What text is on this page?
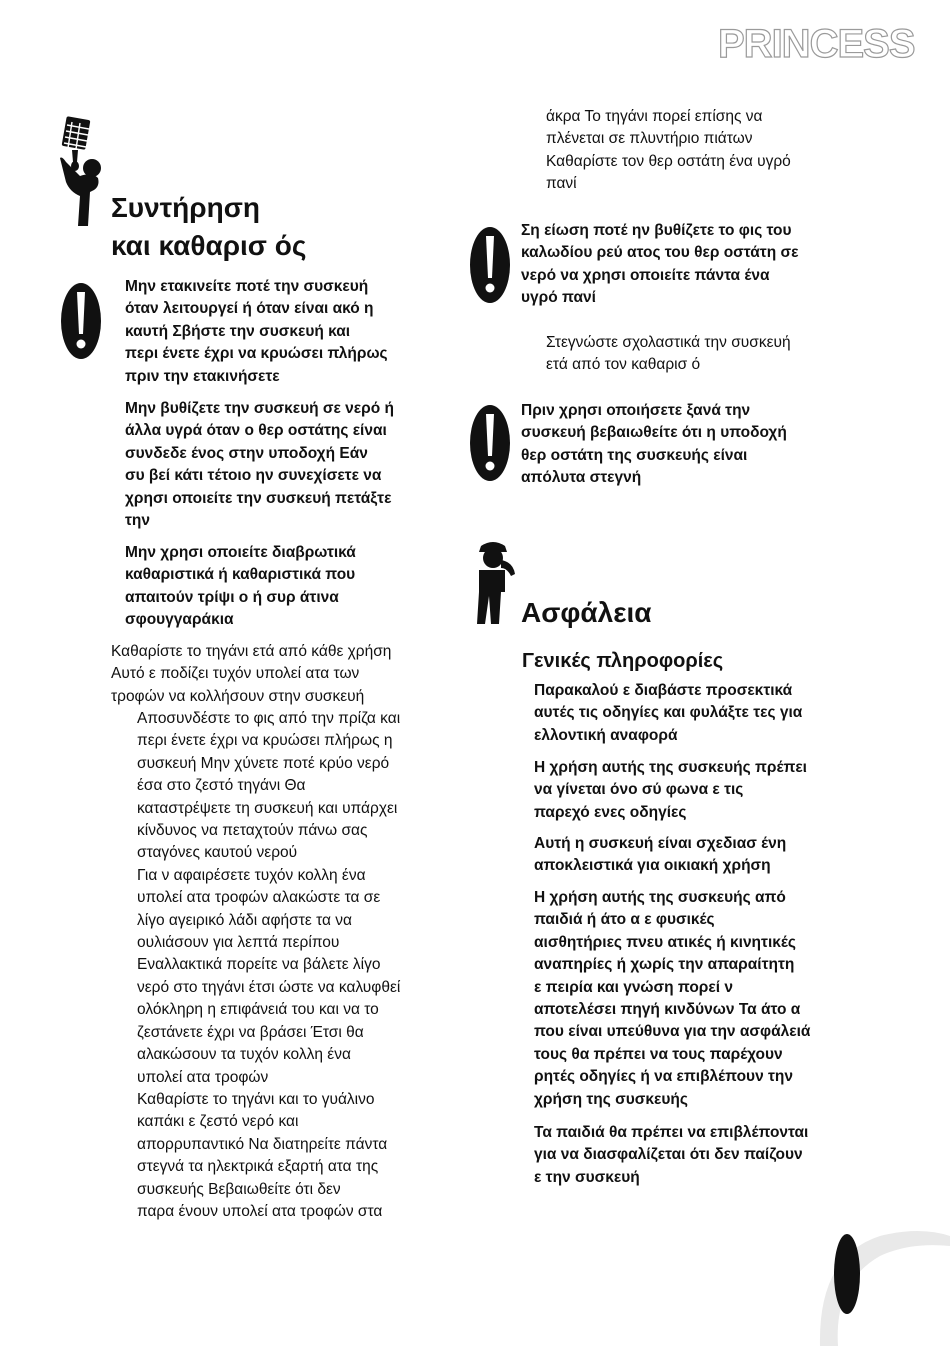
PRINCESS
Συντήρηση
και καθαρισ ός

Μην ετακινείτε ποτέ την συσκευή
όταν λειτουργεί ή όταν είναι ακό η
καυτή Σβήστε την συσκευή και
περι ένετε έχρι να κρυώσει πλήρως
πριν την ετακινήσετε

Μην βυθίζετε την συσκευή σε νερό ή
άλλα υγρά όταν ο θερ οστάτης είναι
συνδεδε ένος στην υποδοχή Εάν
συ βεί κάτι τέτοιο ην συνεχίσετε να
χρησι οποιείτε την συσκευή πετάξτε
την

Μην χρησι οποιείτε διαβρωτικά
καθαριστικά ή καθαριστικά που
απαιτούν τρίψι ο ή συρ άτινα
σφουγγαράκια

Καθαρίστε το τηγάνι ετά από κάθε χρήση
Αυτό ε ποδίζει τυχόν υπολεί ατα των
τροφών να κολλήσουν στην συσκευή

Αποσυνδέστε το φις από την πρίζα και
περι ένετε έχρι να κρυώσει πλήρως η
συσκευή Μην χύνετε ποτέ κρύο νερό
έσα στο ζεστό τηγάνι Θα
καταστρέψετε τη συσκευή και υπάρχει
κίνδυνος να πεταχτούν πάνω σας
σταγόνες καυτού νερού
Για ν αφαιρέσετε τυχόν κολλη ένα
υπολεί ατα τροφών αλακώστε τα σε
λίγο αγειρικό λάδι αφήστε τα να
ουλιάσουν για λεπτά περίπου
Εναλλακτικά πορείτε να βάλετε λίγο
νερό στο τηγάνι έτσι ώστε να καλυφθεί
ολόκληρη η επιφάνειά του και να το
ζεστάνετε έχρι να βράσει Έτσι θα
αλακώσουν τα τυχόν κολλη ένα
υπολεί ατα τροφών
Καθαρίστε το τηγάνι και το γυάλινο
καπάκι ε ζεστό νερό και
απορρυπαντικό Να διατηρείτε πάντα
στεγνά τα ηλεκτρικά εξαρτή ατα της
συσκευής Βεβαιωθείτε ότι δεν
παρα ένουν υπολεί ατα τροφών στα

άκρα Το τηγάνι πορεί επίσης να
πλένεται σε πλυντήριο πιάτων
Καθαρίστε τον θερ οστάτη ένα υγρό
πανί

Ση είωση ποτέ ην βυθίζετε το φις του
καλωδίου ρεύ ατος του θερ οστάτη σε
νερό να χρησι οποιείτε πάντα ένα
υγρό πανί

Στεγνώστε σχολαστικά την συσκευή
ετά από τον καθαρισ ό

Πριν χρησι οποιήσετε ξανά την
συσκευή βεβαιωθείτε ότι η υποδοχή
θερ οστάτη της συσκευής είναι
απόλυτα στεγνή

Ασφάλεια
Γενικές πληροφορίες

Παρακαλού ε διαβάστε προσεκτικά
αυτές τις οδηγίες και φυλάξτε τες για
ελλοντική αναφορά

Η χρήση αυτής της συσκευής πρέπει
να γίνεται όνο σύ φωνα ε τις
παρεχό ενες οδηγίες

Αυτή η συσκευή είναι σχεδιασ ένη
αποκλειστικά για οικιακή χρήση

Η χρήση αυτής της συσκευής από
παιδιά ή άτο α ε φυσικές
αισθητήριες πνευ ατικές ή κινητικές
αναπηρίες ή χωρίς την απαραίτητη
ε πειρία και γνώση πορεί ν
αποτελέσει πηγή κινδύνων Τα άτο α
που είναι υπεύθυνα για την ασφάλειά
τους θα πρέπει να τους παρέχουν
ρητές οδηγίες ή να επιβλέπουν την
χρήση της συσκευής

Τα παιδιά θα πρέπει να επιβλέπονται
για να διασφαλίζεται ότι δεν παίζουν
ε την συσκευή
